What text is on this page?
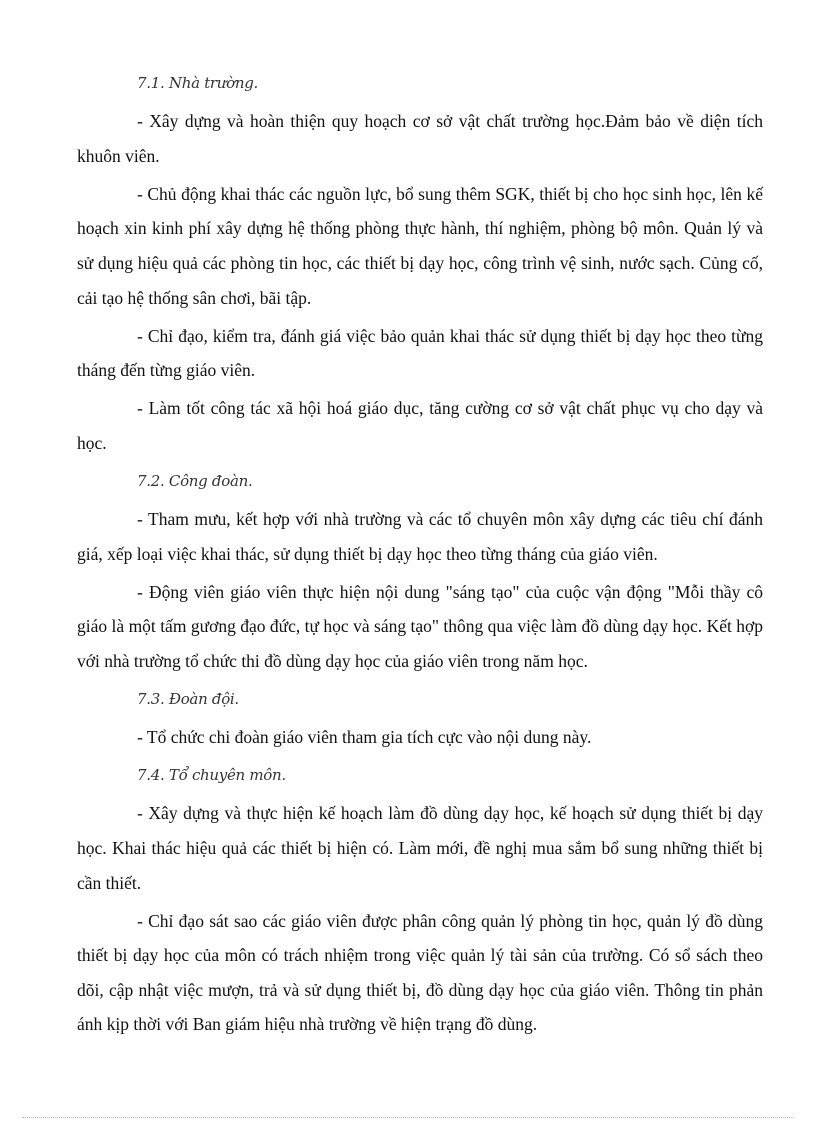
7.1. Nhà trường.

- Xây dựng và hoàn thiện quy hoạch cơ sở vật chất trường học.Đảm bảo về diện tích khuôn viên.

- Chủ động khai thác các nguồn lực, bổ sung thêm SGK, thiết bị cho học sinh học, lên kế hoạch xin kinh phí xây dựng hệ thống phòng thực hành, thí nghiệm, phòng bộ môn. Quản lý và sử dụng hiệu quả các phòng tin học, các thiết bị dạy học, công trình vệ sinh, nước sạch. Củng cố, cải tạo hệ thống sân chơi, bãi tập.

- Chỉ đạo, kiểm tra, đánh giá việc bảo quản khai thác sử dụng thiết bị dạy học theo từng tháng đến từng giáo viên.

- Làm tốt công tác xã hội hoá giáo dục, tăng cường cơ sở vật chất phục vụ cho dạy và học.

7.2. Công đoàn.

- Tham mưu, kết hợp với nhà trường và các tổ chuyên môn xây dựng các tiêu chí đánh giá, xếp loại việc khai thác, sử dụng thiết bị dạy học theo từng tháng của giáo viên.

- Động viên giáo viên thực hiện nội dung "sáng tạo" của cuộc vận động "Mỗi thầy cô giáo là một tấm gương đạo đức, tự học và sáng tạo" thông qua việc làm đồ dùng dạy học. Kết hợp với nhà trường tổ chức thi đồ dùng dạy học của giáo viên trong năm học.

7.3. Đoàn đội.

- Tổ chức chi đoàn giáo viên tham gia tích cực vào nội dung này.

7.4. Tổ chuyên môn.

- Xây dựng và thực hiện kế hoạch làm đồ dùng dạy học, kế hoạch sử dụng thiết bị dạy học. Khai thác hiệu quả các thiết bị hiện có. Làm mới, đề nghị mua sắm bổ sung những thiết bị cần thiết.

- Chỉ đạo sát sao các giáo viên được phân công quản lý phòng tin học, quản lý đồ dùng thiết bị dạy học của môn có trách nhiệm trong việc quản lý tài sản của trường. Có sổ sách theo dõi, cập nhật việc mượn, trả và sử dụng thiết bị, đồ dùng dạy học của giáo viên. Thông tin phản ánh kịp thời với Ban giám hiệu nhà trường về hiện trạng đồ dùng.
